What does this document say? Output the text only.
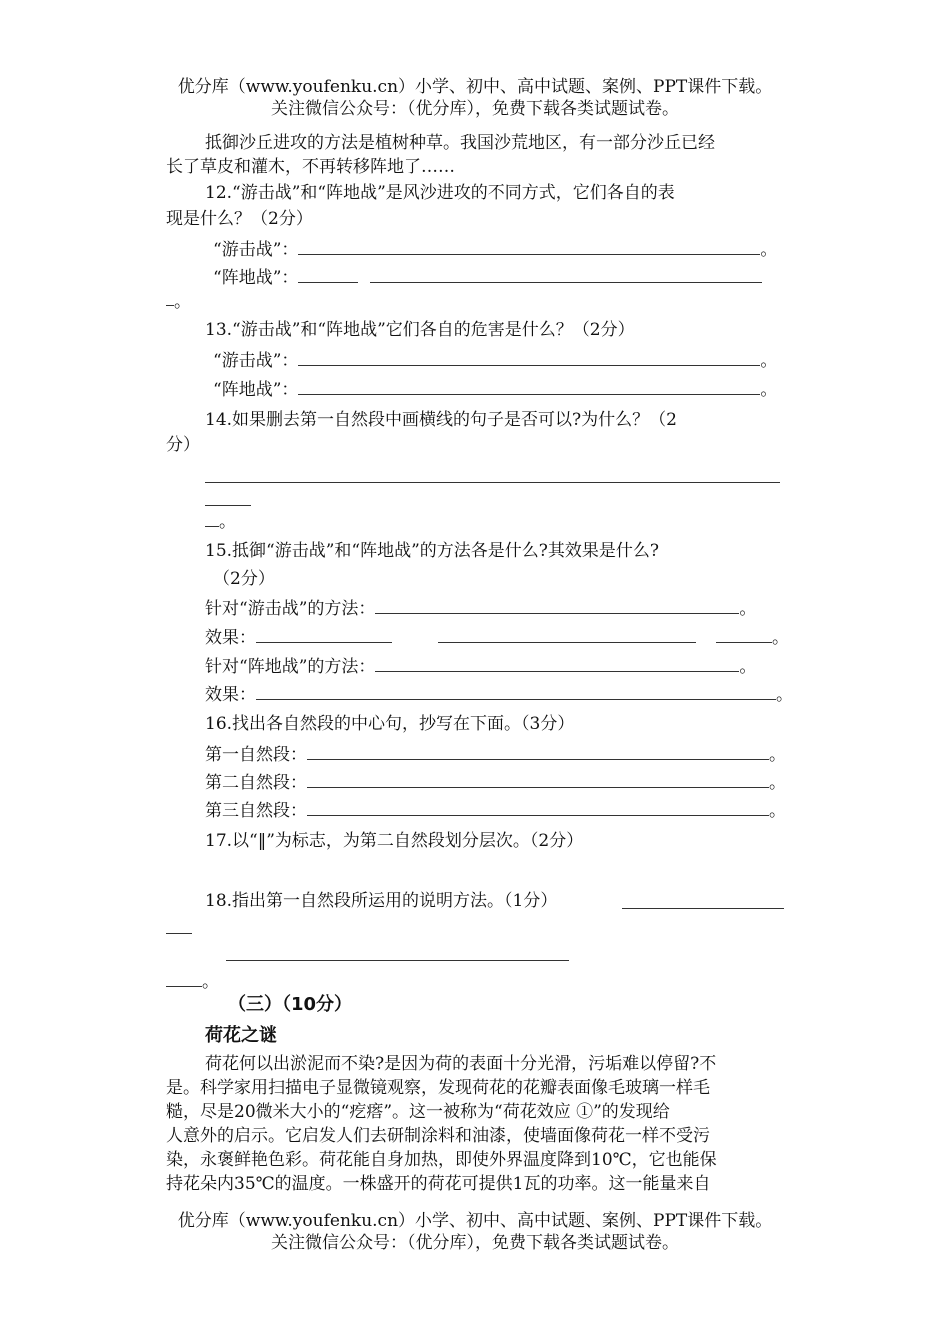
优分库（www.youfenku.cn）小学、初中、高中试题、案例、PPT课件下载。
关注微信公众号：（优分库），免费下载各类试题试卷。
抵御沙丘进攻的方法是植树种草。我国沙荒地区，有一部分沙丘已经
长了草皮和灌木，不再转移阵地了……
12.“游击战”和“阵地战”是风沙进攻的不同方式，它们各自的表
现是什么？（2分）
“游击战”：	。
“阵地战”：
。
13.“游击战”和“阵地战”它们各自的危害是什么？（2分）
“游击战”：	。
“阵地战”：	。
14.如果删去第一自然段中画横线的句子是否可以?为什么？（2
分）
。
15.抵御“游击战”和“阵地战”的方法各是什么?其效果是什么?
（2分）
针对“游击战”的方法：	。
效果：	。
针对“阵地战”的方法：	。
效果：	。
16.找出各自然段的中心句，抄写在下面。（3分）
第一自然段：	。
第二自然段：	。
第三自然段：	。
17.以“‖”为标志，为第二自然段划分层次。（2分）
18.指出第一自然段所运用的说明方法。（1分）
。
（三）（10分）
荷花之谜
荷花何以出淤泥而不染?是因为荷的表面十分光滑，污垢难以停留?不
是。科学家用扫描电子显微镜观察，发现荷花的花瓣表面像毛玻璃一样毛
糙，尽是20微米大小的“疙瘩”。这一被称为“荷花效应 ①”的发现给
人意外的启示。它启发人们去研制涂料和油漆，使墙面像荷花一样不受污
染，永褒鲜艳色彩。荷花能自身加热，即使外界温度降到10℃，它也能保
持花朵内35℃的温度。一株盛开的荷花可提供1瓦的功率。这一能量来自
优分库（www.youfenku.cn）小学、初中、高中试题、案例、PPT课件下载。
关注微信公众号：（优分库），免费下载各类试题试卷。
